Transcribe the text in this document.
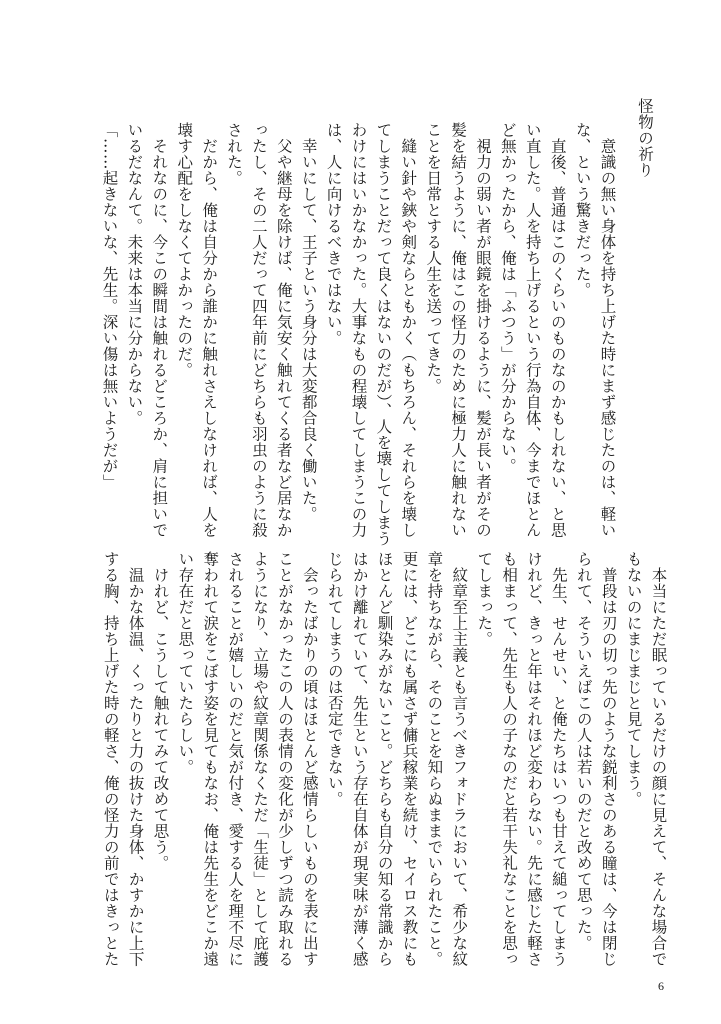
怪物の祈り
意識の無い身体を持ち上げた時にまず感じたのは、軽い
な、という驚きだった。
直後、普通はこのくらいのものなのかもしれない、と思
い直した。人を持ち上げるという行為自体、今までほとん
ど無かったから、俺は「ふつう」が分からない。
視力の弱い者が眼鏡を掛けるように、髪が長い者がその
髪を結うように、俺はこの怪力のために極力人に触れない
ことを日常とする人生を送ってきた。
縫い針や鋏や剣ならともかく（もちろん、それらを壊し
てしまうことだって良くはないのだが）、人を壊してしまう
わけにはいかなかった。大事なもの程壊してしまうこの力
は、人に向けるべきではない。
幸いにして、王子という身分は大変都合良く働いた。
父や継母を除けば、俺に気安く触れてくる者など居なか
ったし、その二人だって四年前にどちらも羽虫のように殺
された。
だから、俺は自分から誰かに触れさえしなければ、人を
壊す心配をしなくてよかったのだ。
それなのに、今この瞬間は触れるどころか、肩に担いで
いるだなんて。未来は本当に分からない。
「……起きないな、先生。深い傷は無いようだが」
本当にただ眠っているだけの顔に見えて、そんな場合で
もないのにまじまじと見てしまう。
普段は刃の切っ先のような鋭利さのある瞳は、今は閉じ
られて、そういえばこの人は若いのだと改めて思った。
先生、せんせい、と俺たちはいつも甘えて縋ってしまう
けれど、きっと年はそれほど変わらない。先に感じた軽さ
も相まって、先生も人の子なのだと若干失礼なことを思っ
てしまった。
紋章至上主義とも言うべきフォドラにおいて、希少な紋
章を持ちながら、そのことを知らぬままでいられたこと。
更には、どこにも属さず傭兵稼業を続け、セイロス教にも
ほとんど馴染みがないこと。どちらも自分の知る常識から
はかけ離れていて、先生という存在自体が現実味が薄く感
じられてしまうのは否定できない。
会ったばかりの頃はほとんど感情らしいものを表に出す
ことがなかったこの人の表情の変化が少しずつ読み取れる
ようになり、立場や紋章関係なくただ「生徒」として庇護
されることが嬉しいのだと気が付き、愛する人を理不尽に
奪われて涙をこぼす姿を見てもなお、俺は先生をどこか遠
い存在だと思っていたらしい。
けれど、こうして触れてみて改めて思う。
温かな体温、くったりと力の抜けた身体、かすかに上下
する胸、持ち上げた時の軽さ、俺の怪力の前ではきっとた
6
